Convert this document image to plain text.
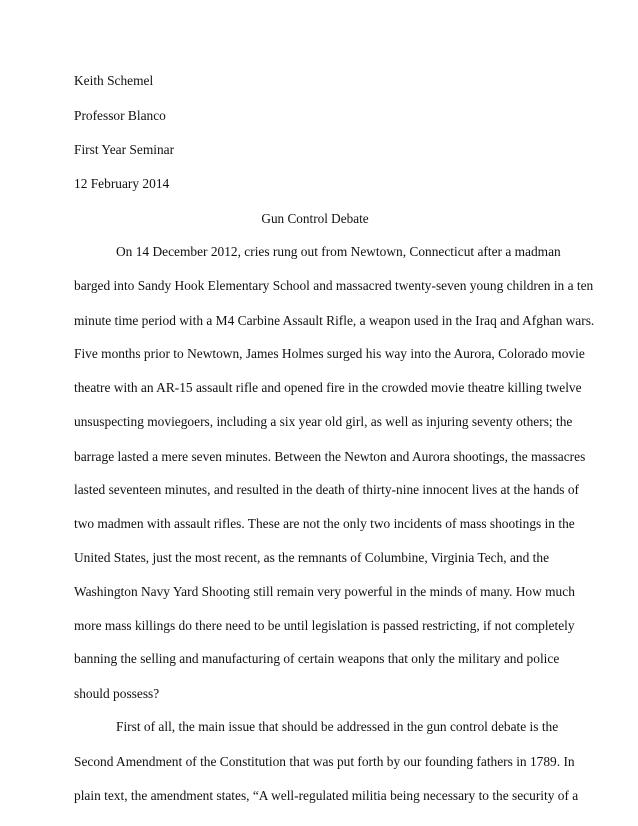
Keith Schemel
Professor Blanco
First Year Seminar
12 February 2014
Gun Control Debate
On 14 December 2012, cries rung out from Newtown, Connecticut after a madman
barged into Sandy Hook Elementary School and massacred twenty-seven young children in a ten
minute time period with a M4 Carbine Assault Rifle, a weapon used in the Iraq and Afghan wars.
Five months prior to Newtown, James Holmes surged his way into the Aurora, Colorado movie
theatre with an AR-15 assault rifle and opened fire in the crowded movie theatre killing twelve
unsuspecting moviegoers, including a six year old girl, as well as injuring seventy others; the
barrage lasted a mere seven minutes. Between the Newton and Aurora shootings, the massacres
lasted seventeen minutes, and resulted in the death of thirty-nine innocent lives at the hands of
two madmen with assault rifles. These are not the only two incidents of mass shootings in the
United States, just the most recent, as the remnants of Columbine, Virginia Tech, and the
Washington Navy Yard Shooting still remain very powerful in the minds of many. How much
more mass killings do there need to be until legislation is passed restricting, if not completely
banning the selling and manufacturing of certain weapons that only the military and police
should possess?
First of all, the main issue that should be addressed in the gun control debate is the
Second Amendment of the Constitution that was put forth by our founding fathers in 1789. In
plain text, the amendment states, “A well-regulated militia being necessary to the security of a
